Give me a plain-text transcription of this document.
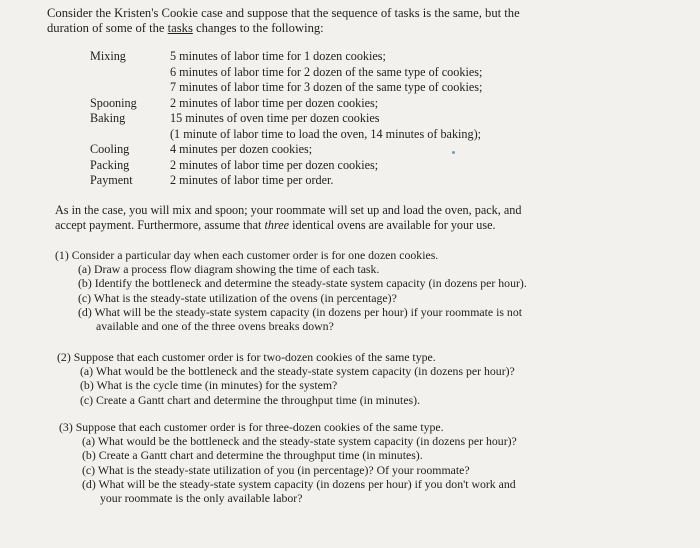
Consider the Kristen's Cookie case and suppose that the sequence of tasks is the same, but the
duration of some of the tasks changes to the following:
Mixing	5 minutes of labor time for 1 dozen cookies;
6 minutes of labor time for 2 dozen of the same type of cookies;
7 minutes of labor time for 3 dozen of the same type of cookies;
Spooning	2 minutes of labor time per dozen cookies;
Baking	15 minutes of oven time per dozen cookies
(1 minute of labor time to load the oven, 14 minutes of baking);
Cooling	4 minutes per dozen cookies;
Packing	2 minutes of labor time per dozen cookies;
Payment	2 minutes of labor time per order.
As in the case, you will mix and spoon; your roommate will set up and load the oven, pack, and
accept payment. Furthermore, assume that three identical ovens are available for your use.
(1) Consider a particular day when each customer order is for one dozen cookies.
(a) Draw a process flow diagram showing the time of each task.
(b) Identify the bottleneck and determine the steady-state system capacity (in dozens per hour).
(c) What is the steady-state utilization of the ovens (in percentage)?
(d) What will be the steady-state system capacity (in dozens per hour) if your roommate is not
available and one of the three ovens breaks down?
(2) Suppose that each customer order is for two-dozen cookies of the same type.
(a) What would be the bottleneck and the steady-state system capacity (in dozens per hour)?
(b) What is the cycle time (in minutes) for the system?
(c) Create a Gantt chart and determine the throughput time (in minutes).
(3) Suppose that each customer order is for three-dozen cookies of the same type.
(a) What would be the bottleneck and the steady-state system capacity (in dozens per hour)?
(b) Create a Gantt chart and determine the throughput time (in minutes).
(c) What is the steady-state utilization of you (in percentage)? Of your roommate?
(d) What will be the steady-state system capacity (in dozens per hour) if you don't work and
your roommate is the only available labor?
